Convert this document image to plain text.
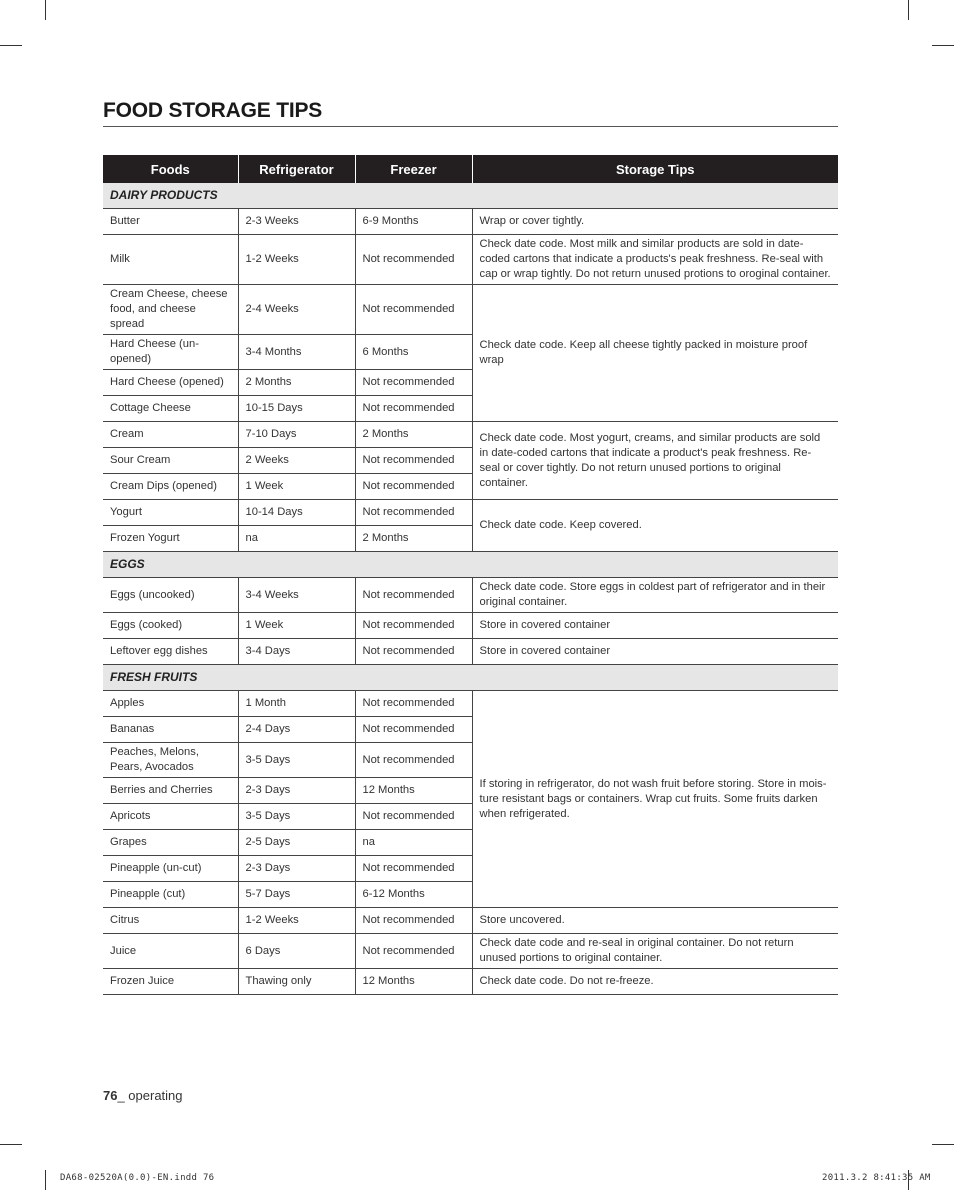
FOOD STORAGE TIPS
Foods	Refrigerator	Freezer	Storage Tips
DAIRY PRODUCTS			
Butter	2-3 Weeks	6-9 Months	Wrap or cover tightly.
Milk	1-2 Weeks	Not recommended	Check date code. Most milk and similar products are sold in date-coded cartons that indicate a products's peak freshness. Re-seal with cap or wrap tightly. Do not return unused protions to oroginal container.
Cream Cheese, cheese food, and cheese spread	2-4 Weeks	Not recommended	Check date code. Keep all cheese tightly packed in moisture proof wrap
Hard Cheese (un-opened)	3-4 Months	6 Months	
Hard Cheese (opened)	2 Months	Not recommended	
Cottage Cheese	10-15 Days	Not recommended	
Cream	7-10 Days	2 Months	Check date code. Most yogurt, creams, and similar products are sold in date-coded cartons that indicate a product's peak freshness. Re-seal or cover tightly. Do not return unused portions to original container.
Sour Cream	2 Weeks	Not recommended	
Cream Dips (opened)	1 Week	Not recommended	
Yogurt	10-14 Days	Not recommended	Check date code. Keep covered.
Frozen Yogurt	na	2 Months	
EGGS			
Eggs (uncooked)	3-4 Weeks	Not recommended	Check date code. Store eggs in coldest part of refrigerator and in their original container.
Eggs (cooked)	1 Week	Not recommended	Store in covered container
Leftover egg dishes	3-4 Days	Not recommended	Store in covered container
FRESH FRUITS			
Apples	1 Month	Not recommended	If storing in refrigerator, do not wash fruit before storing. Store in mois-ture resistant bags or containers. Wrap cut fruits. Some fruits darken when refrigerated.
Bananas	2-4 Days	Not recommended	
Peaches, Melons, Pears, Avocados	3-5 Days	Not recommended	
Berries and Cherries	2-3 Days	12 Months	
Apricots	3-5 Days	Not recommended	
Grapes	2-5 Days	na	
Pineapple (un-cut)	2-3 Days	Not recommended	
Pineapple (cut)	5-7 Days	6-12 Months	
Citrus	1-2 Weeks	Not recommended	Store uncovered.
Juice	6 Days	Not recommended	Check date code and re-seal in original container. Do not return unused portions to original container.
Frozen Juice	Thawing only	12 Months	Check date code. Do not re-freeze.
76_ operating
DA68-02520A(0.0)-EN.indd 76	2011.3.2 8:41:35 AM
